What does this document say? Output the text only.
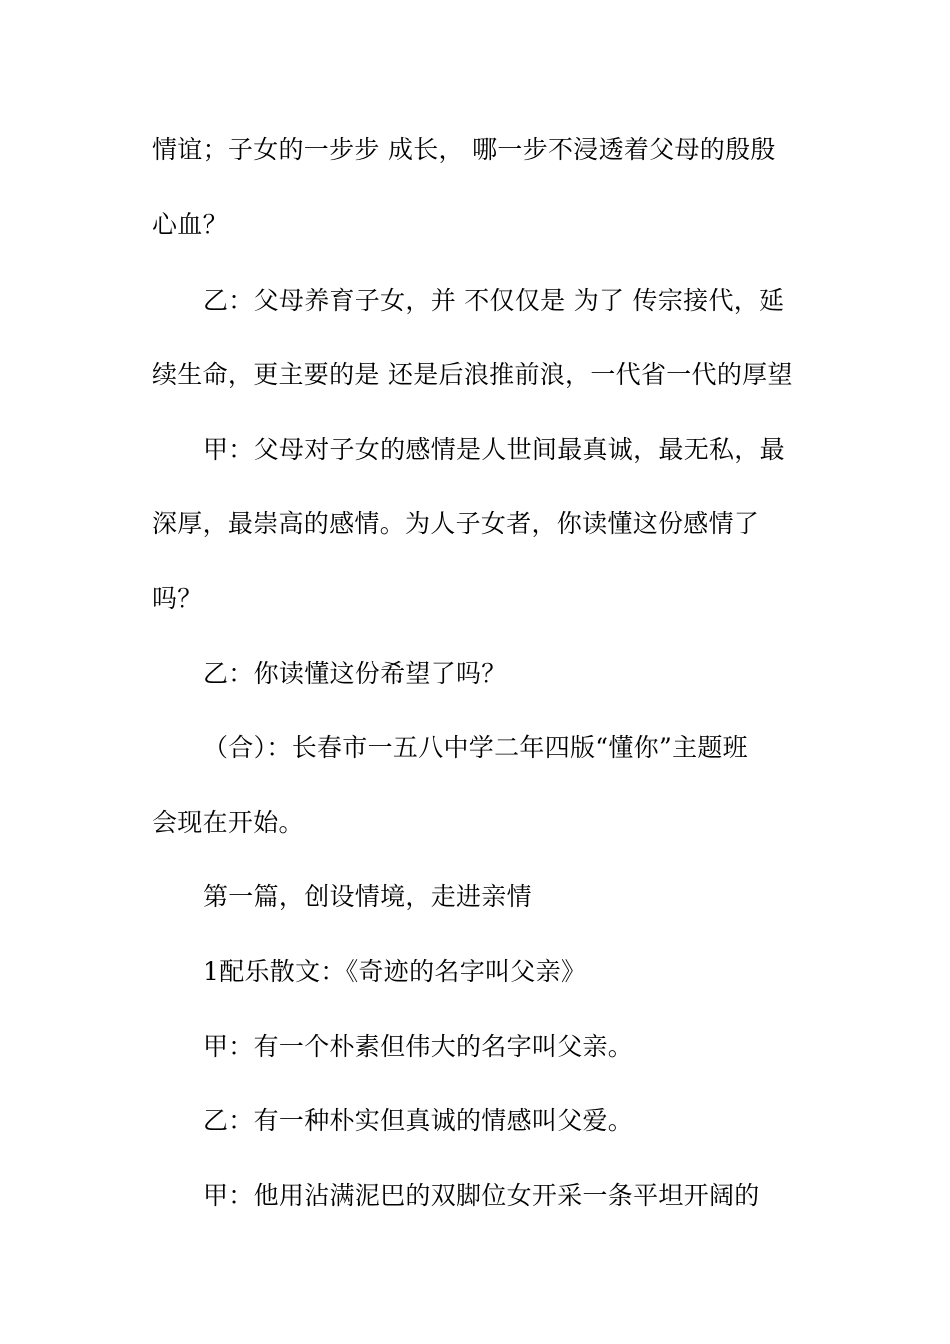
情谊；子女的一步步 成长， 哪一步不浸透着父母的殷殷
心血？
乙：父母养育子女，并 不仅仅是 为了 传宗接代，延
续生命，更主要的是 还是后浪推前浪，一代省一代的厚望
甲：父母对子女的感情是人世间最真诚，最无私，最
深厚，最崇高的感情。为人子女者，你读懂这份感情了
吗？
乙：你读懂这份希望了吗？
（合）：长春市一五八中学二年四版“懂你”主题班
会现在开始。
第一篇，创设情境，走进亲情
1配乐散文：《奇迹的名字叫父亲》
甲：有一个朴素但伟大的名字叫父亲。
乙：有一种朴实但真诚的情感叫父爱。
甲：他用沾满泥巴的双脚位女开采一条平坦开阔的
